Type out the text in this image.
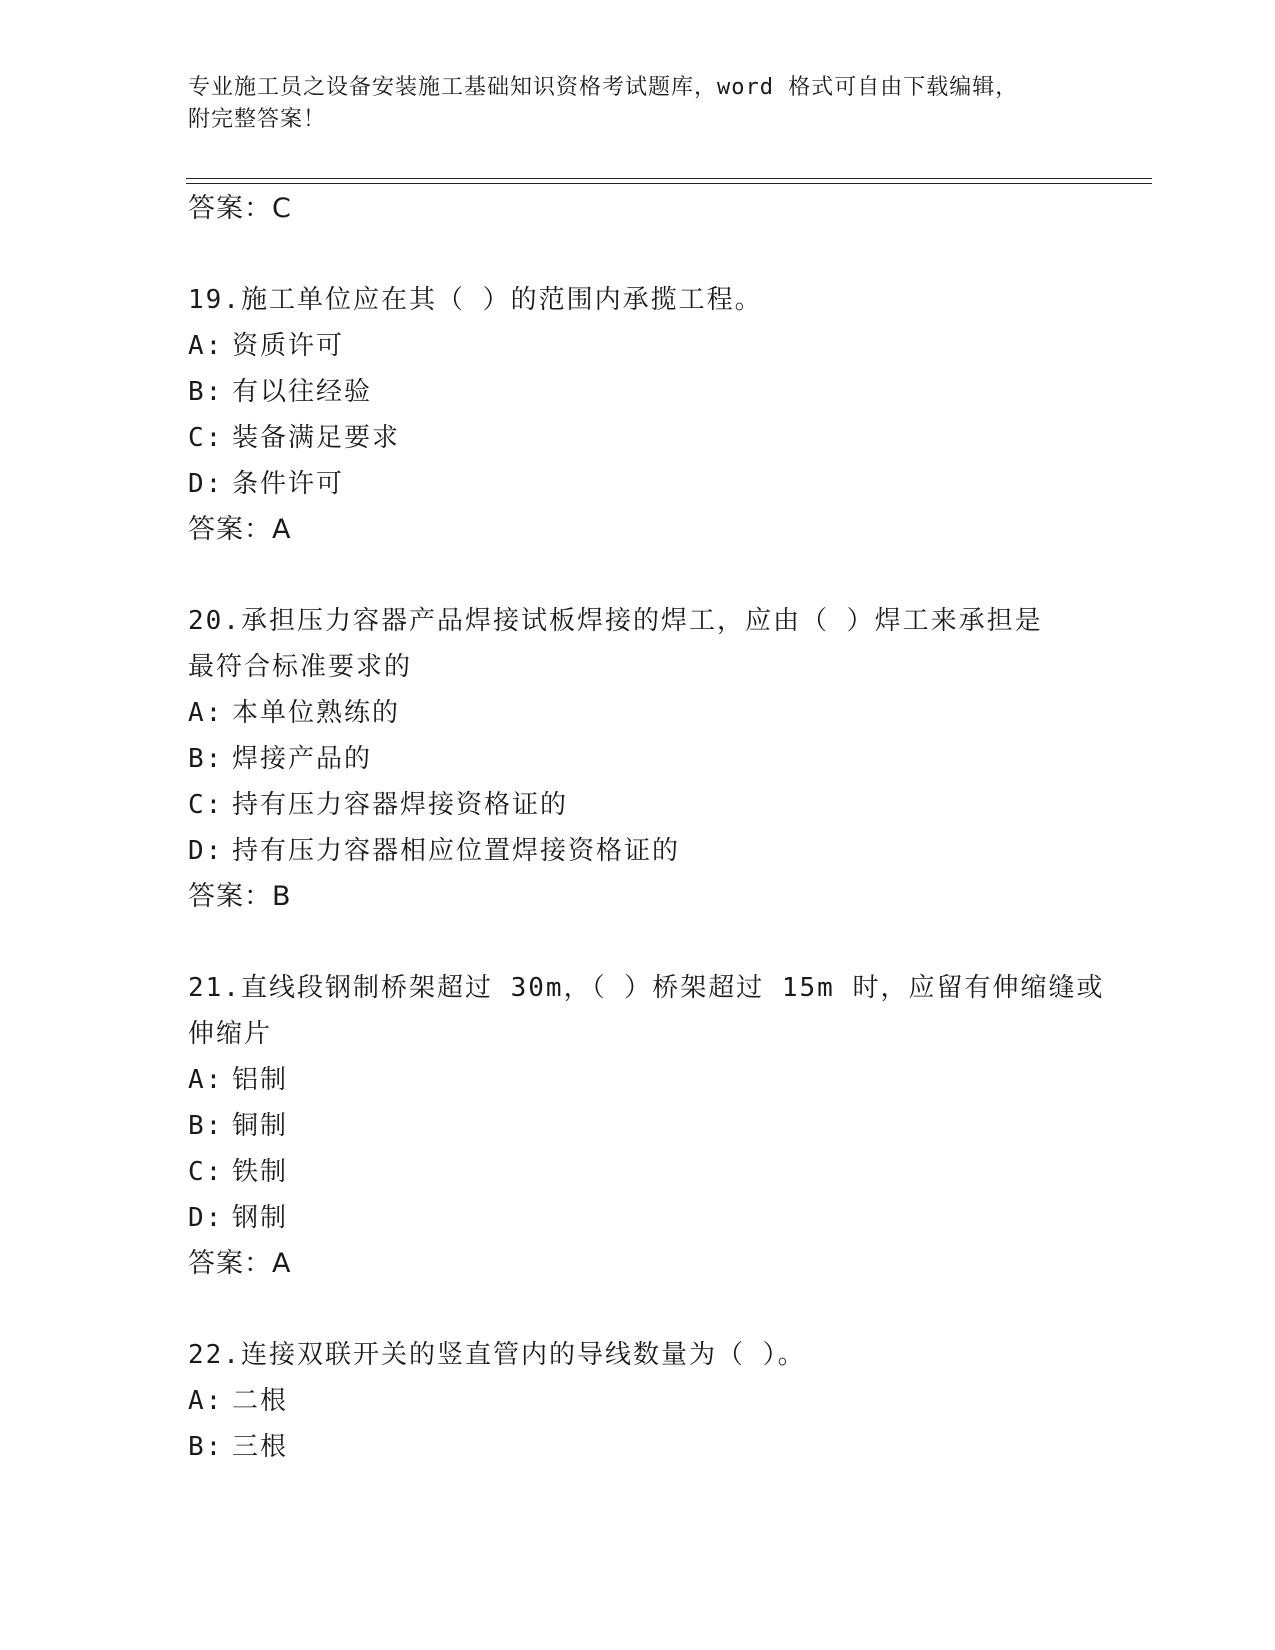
专业施工员之设备安装施工基础知识资格考试题库，word 格式可自由下载编辑，
附完整答案！
答案：C
19.施工单位应在其（ ）的范围内承揽工程。
A: 资质许可
B: 有以往经验
C: 装备满足要求
D: 条件许可
答案：A
20.承担压力容器产品焊接试板焊接的焊工，应由（ ）焊工来承担是
最符合标准要求的
A: 本单位熟练的
B: 焊接产品的
C: 持有压力容器焊接资格证的
D: 持有压力容器相应位置焊接资格证的
答案：B
21.直线段钢制桥架超过 30m，（ ）桥架超过 15m 时，应留有伸缩缝或
伸缩片
A: 铝制
B: 铜制
C: 铁制
D: 钢制
答案：A
22.连接双联开关的竖直管内的导线数量为（ ）。
A: 二根
B: 三根
